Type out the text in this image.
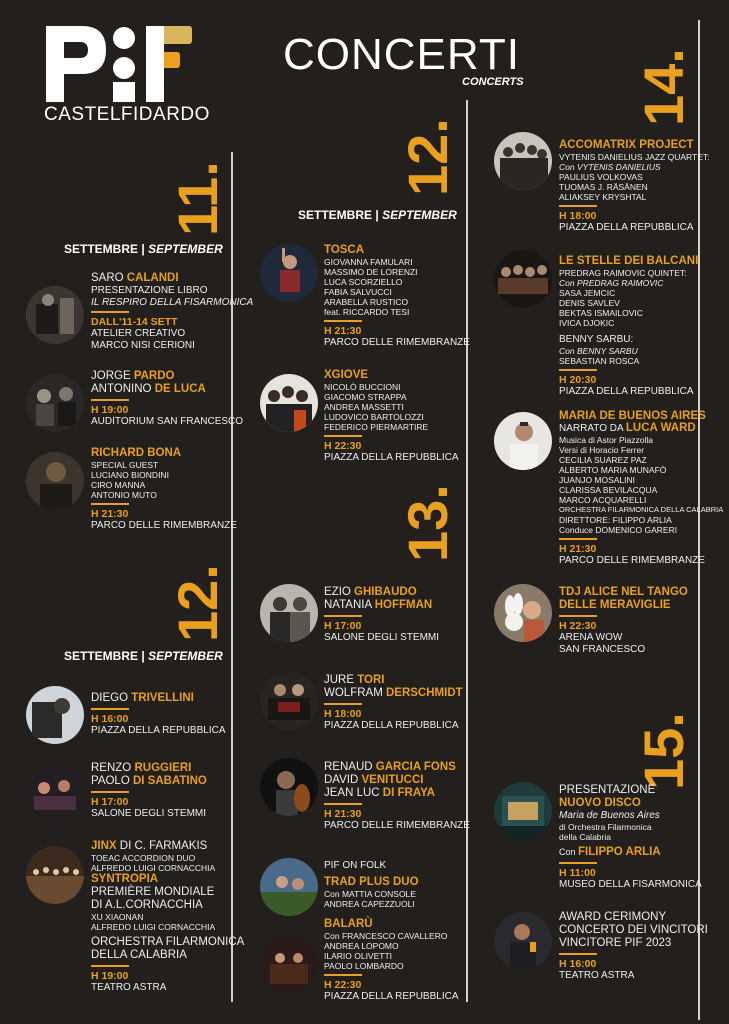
CASTELFIDARDO
CONCERTI
CONCERTS
11.
12.
12.
13.
14.
15.
SETTEMBRE | SEPTEMBER
SETTEMBRE | SEPTEMBER
SETTEMBRE | SEPTEMBER
SARO CALANDI
PRESENTAZIONE LIBRO
IL RESPIRO DELLA FISARMONICA
DALL'11-14 SETT
ATELIER CREATIVO
MARCO NISI CERIONI
JORGE PARDO
ANTONINO DE LUCA
H 19:00
AUDITORIUM SAN FRANCESCO
RICHARD BONA
SPECIAL GUEST
LUCIANO BIONDINI
CIRO MANNA
ANTONIO MUTO
H 21:30
PARCO DELLE RIMEMBRANZE
DIEGO TRIVELLINI
H 16:00
PIAZZA DELLA REPUBBLICA
RENZO RUGGIERI
PAOLO DI SABATINO
H 17:00
SALONE DEGLI STEMMI
JINX DI C. FARMAKIS
TOEAC ACCORDION DUO
ALFREDO LUIGI CORNACCHIA
SYNTROPIA
PREMIÈRE MONDIALE
DI A.L.CORNACCHIA
XU XIAONAN
ALFREDO LUIGI CORNACCHIA
ORCHESTRA FILARMONICA
DELLA CALABRIA
H 19:00
TEATRO ASTRA
TOSCA
GIOVANNA FAMULARI
MASSIMO DE LORENZI
LUCA SCORZIELLO
FABIA SALVUCCI
ARABELLA RUSTICO
feat. RICCARDO TESI
H 21:30
PARCO DELLE RIMEMBRANZE
XGIOVE
NICOLÒ BUCCIONI
GIACOMO STRAPPA
ANDREA MASSETTI
LUDOVICO BARTOLOZZI
FEDERICO PIERMARTIRE
H 22:30
PIAZZA DELLA REPUBBLICA
EZIO GHIBAUDO
NATANIA HOFFMAN
H 17:00
SALONE DEGLI STEMMI
JURE TORI
WOLFRAM DERSCHMIDT
H 18:00
PIAZZA DELLA REPUBBLICA
RENAUD GARCIA FONS
DAVID VENITUCCI
JEAN LUC DI FRAYA
H 21:30
PARCO DELLE RIMEMBRANZE
PIF ON FOLK
TRAD PLUS DUO
Con MATTIA CONSOLE
ANDREA CAPEZZUOLI
BALARÙ
Con FRANCESCO CAVALLERO
ANDREA LOPOMO
ILARIO OLIVETTI
PAOLO LOMBARDO
H 22:30
PIAZZA DELLA REPUBBLICA
ACCOMATRIX PROJECT
VYTENIS DANIELIUS JAZZ QUARTET:
Con VYTENIS DANIELIUS
PAULIUS VOLKOVAS
TUOMAS J. RÄSÄNEN
ALIAKSEY KRYSHTAL
H 18:00
PIAZZA DELLA REPUBBLICA
LE STELLE DEI BALCANI
PREDRAG RAIMOVIC QUINTET:
Con PREDRAG RAIMOVIC
SASA JEMCIC
DENIS SAVLEV
BEKTAS ISMAILOVIC
IVICA DJOKIC
BENNY SARBU:
Con BENNY SARBU
SEBASTIAN ROSCA
H 20:30
PIAZZA DELLA REPUBBLICA
MARIA DE BUENOS AIRES
NARRATO DA LUCA WARD
Musica di Astor Piazzolla
Versi di Horacio Ferrer
CECILIA SUAREZ PAZ
ALBERTO MARIA MUNAFÒ
JUANJO MOSALINI
CLARISSA BEVILACQUA
MARCO ACQUARELLI
ORCHESTRA FILARMONICA DELLA CALABRIA
DIRETTORE: FILIPPO ARLIA
Conduce DOMENICO GARERI
H 21:30
PARCO DELLE RIMEMBRANZE
TDJ ALICE NEL TANGO
DELLE MERAVIGLIE
H 22:30
ARENA WOW
SAN FRANCESCO
PRESENTAZIONE
NUOVO DISCO
Maria de Buenos Aires
di Orchestra Filarmonica
della Calabria
Con FILIPPO ARLIA
H 11:00
MUSEO DELLA FISARMONICA
AWARD CERIMONY
CONCERTO DEI VINCITORI
VINCITORE PIF 2023
H 16:00
TEATRO ASTRA
